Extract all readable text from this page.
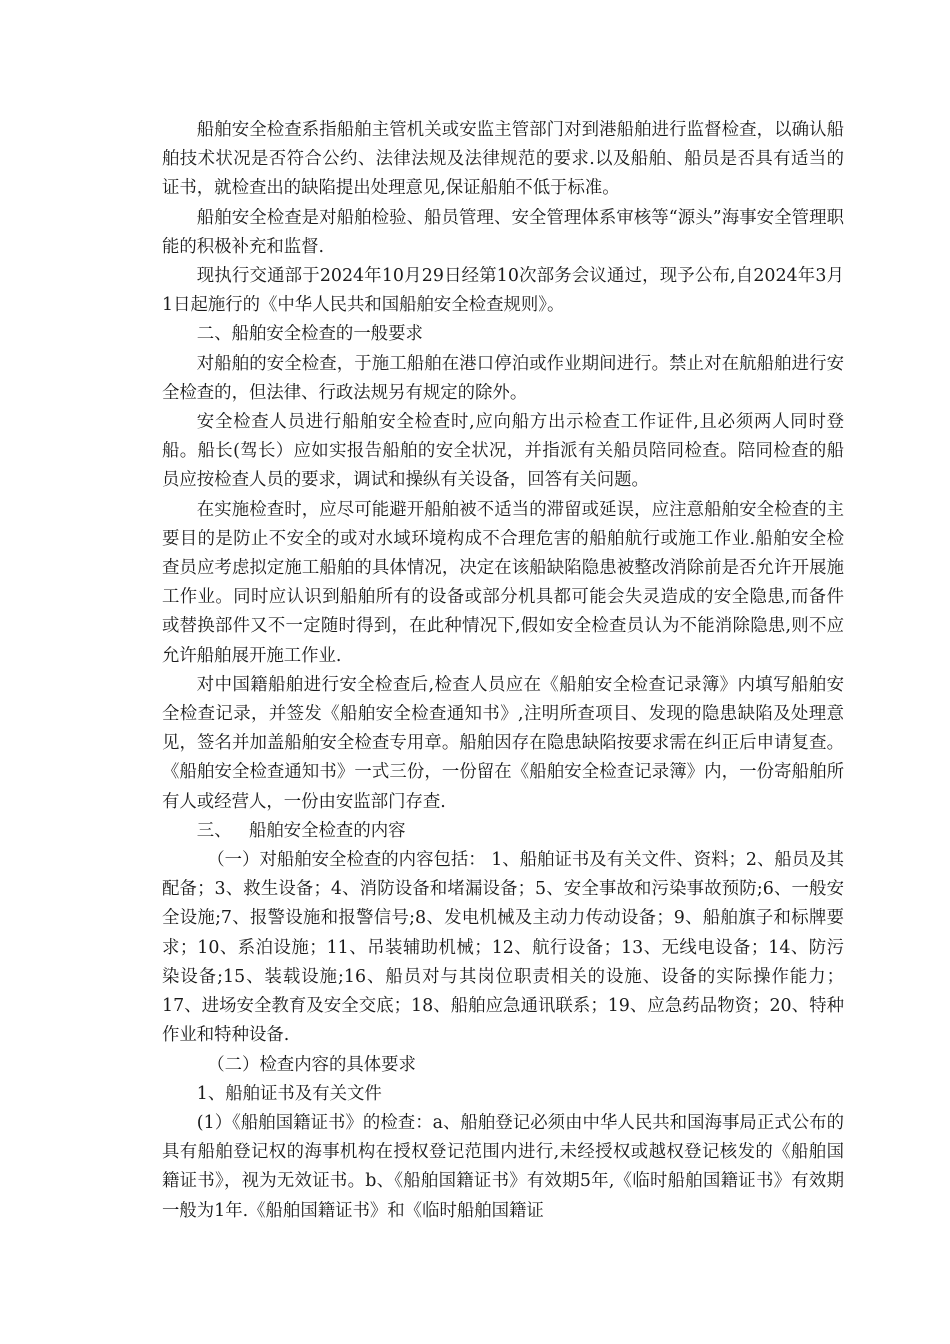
船舶安全检查系指船舶主管机关或安监主管部门对到港船舶进行监督检查，以确认船舶技术状况是否符合公约、法律法规及法律规范的要求.以及船舶、船员是否具有适当的证书，就检查出的缺陷提出处理意见,保证船舶不低于标准。

船舶安全检查是对船舶检验、船员管理、安全管理体系审核等“源头”海事安全管理职能的积极补充和监督.

现执行交通部于2024年10月29日经第10次部务会议通过，现予公布,自2024年3月1日起施行的《中华人民共和国船舶安全检查规则》。

二、船舶安全检查的一般要求

对船舶的安全检查，于施工船舶在港口停泊或作业期间进行。禁止对在航船舶进行安全检查的，但法律、行政法规另有规定的除外。

安全检查人员进行船舶安全检查时,应向船方出示检查工作证件,且必须两人同时登船。船长(驾长）应如实报告船舶的安全状况，并指派有关船员陪同检查。陪同检查的船员应按检查人员的要求，调试和操纵有关设备，回答有关问题。

在实施检查时，应尽可能避开船舶被不适当的滞留或延误，应注意船舶安全检查的主要目的是防止不安全的或对水域环境构成不合理危害的船舶航行或施工作业.船舶安全检查员应考虑拟定施工船舶的具体情况，决定在该船缺陷隐患被整改消除前是否允许开展施工作业。同时应认识到船舶所有的设备或部分机具都可能会失灵造成的安全隐患,而备件或替换部件又不一定随时得到，在此种情况下,假如安全检查员认为不能消除隐患,则不应允许船舶展开施工作业.

对中国籍船舶进行安全检查后,检查人员应在《船舶安全检查记录簿》内填写船舶安全检查记录，并签发《船舶安全检查通知书》,注明所查项目、发现的隐患缺陷及处理意见，签名并加盖船舶安全检查专用章。船舶因存在隐患缺陷按要求需在纠正后申请复查。《船舶安全检查通知书》一式三份，一份留在《船舶安全检查记录簿》内，一份寄船舶所有人或经营人，一份由安监部门存查.

三、 船舶安全检查的内容

（一）对船舶安全检查的内容包括： 1、船舶证书及有关文件、资料；2、船员及其配备；3、救生设备；4、消防设备和堵漏设备；5、安全事故和污染事故预防;6、一般安全设施;7、报警设施和报警信号;8、发电机械及主动力传动设备；9、船舶旗子和标牌要求；10、系泊设施；11、吊装辅助机械；12、航行设备；13、无线电设备；14、防污染设备;15、装载设施;16、船员对与其岗位职责相关的设施、设备的实际操作能力；17、进场安全教育及安全交底；18、船舶应急通讯联系；19、应急药品物资；20、特种作业和特种设备.

（二）检查内容的具体要求

1、船舶证书及有关文件

(1）《船舶国籍证书》的检查：a、船舶登记必须由中华人民共和国海事局正式公布的具有船舶登记权的海事机构在授权登记范围内进行,未经授权或越权登记核发的《船舶国籍证书》，视为无效证书。b、《船舶国籍证书》有效期5年,《临时船舶国籍证书》有效期一般为1年.《船舶国籍证书》和《临时船舶国籍证
